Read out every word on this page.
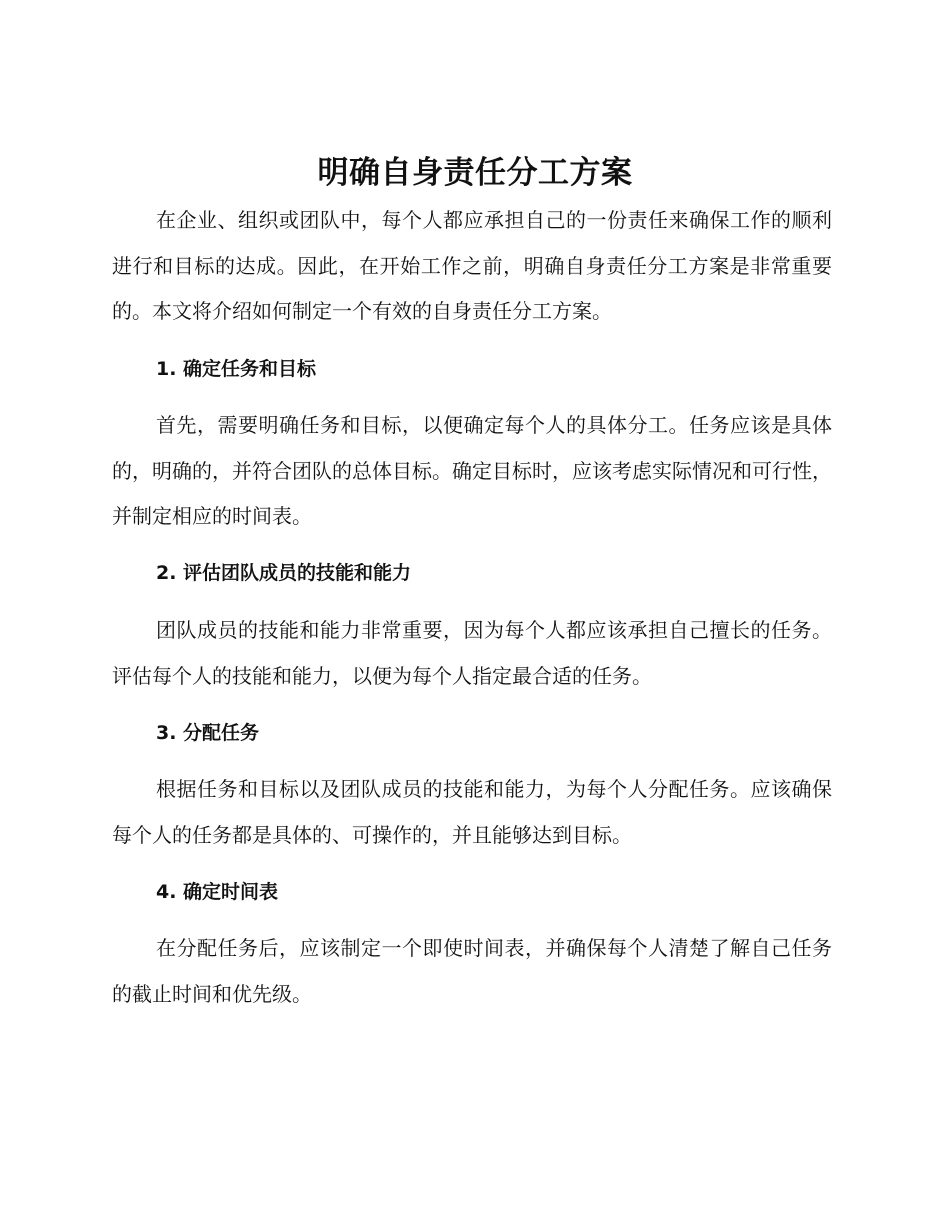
明确自身责任分工方案

在企业、组织或团队中，每个人都应承担自己的一份责任来确保工作的顺利进行和目标的达成。因此，在开始工作之前，明确自身责任分工方案是非常重要的。本文将介绍如何制定一个有效的自身责任分工方案。

1. 确定任务和目标

首先，需要明确任务和目标，以便确定每个人的具体分工。任务应该是具体的，明确的，并符合团队的总体目标。确定目标时，应该考虑实际情况和可行性，并制定相应的时间表。

2. 评估团队成员的技能和能力

团队成员的技能和能力非常重要，因为每个人都应该承担自己擅长的任务。评估每个人的技能和能力，以便为每个人指定最合适的任务。

3. 分配任务

根据任务和目标以及团队成员的技能和能力，为每个人分配任务。应该确保每个人的任务都是具体的、可操作的，并且能够达到目标。

4. 确定时间表

在分配任务后，应该制定一个即使时间表，并确保每个人清楚了解自己任务的截止时间和优先级。
